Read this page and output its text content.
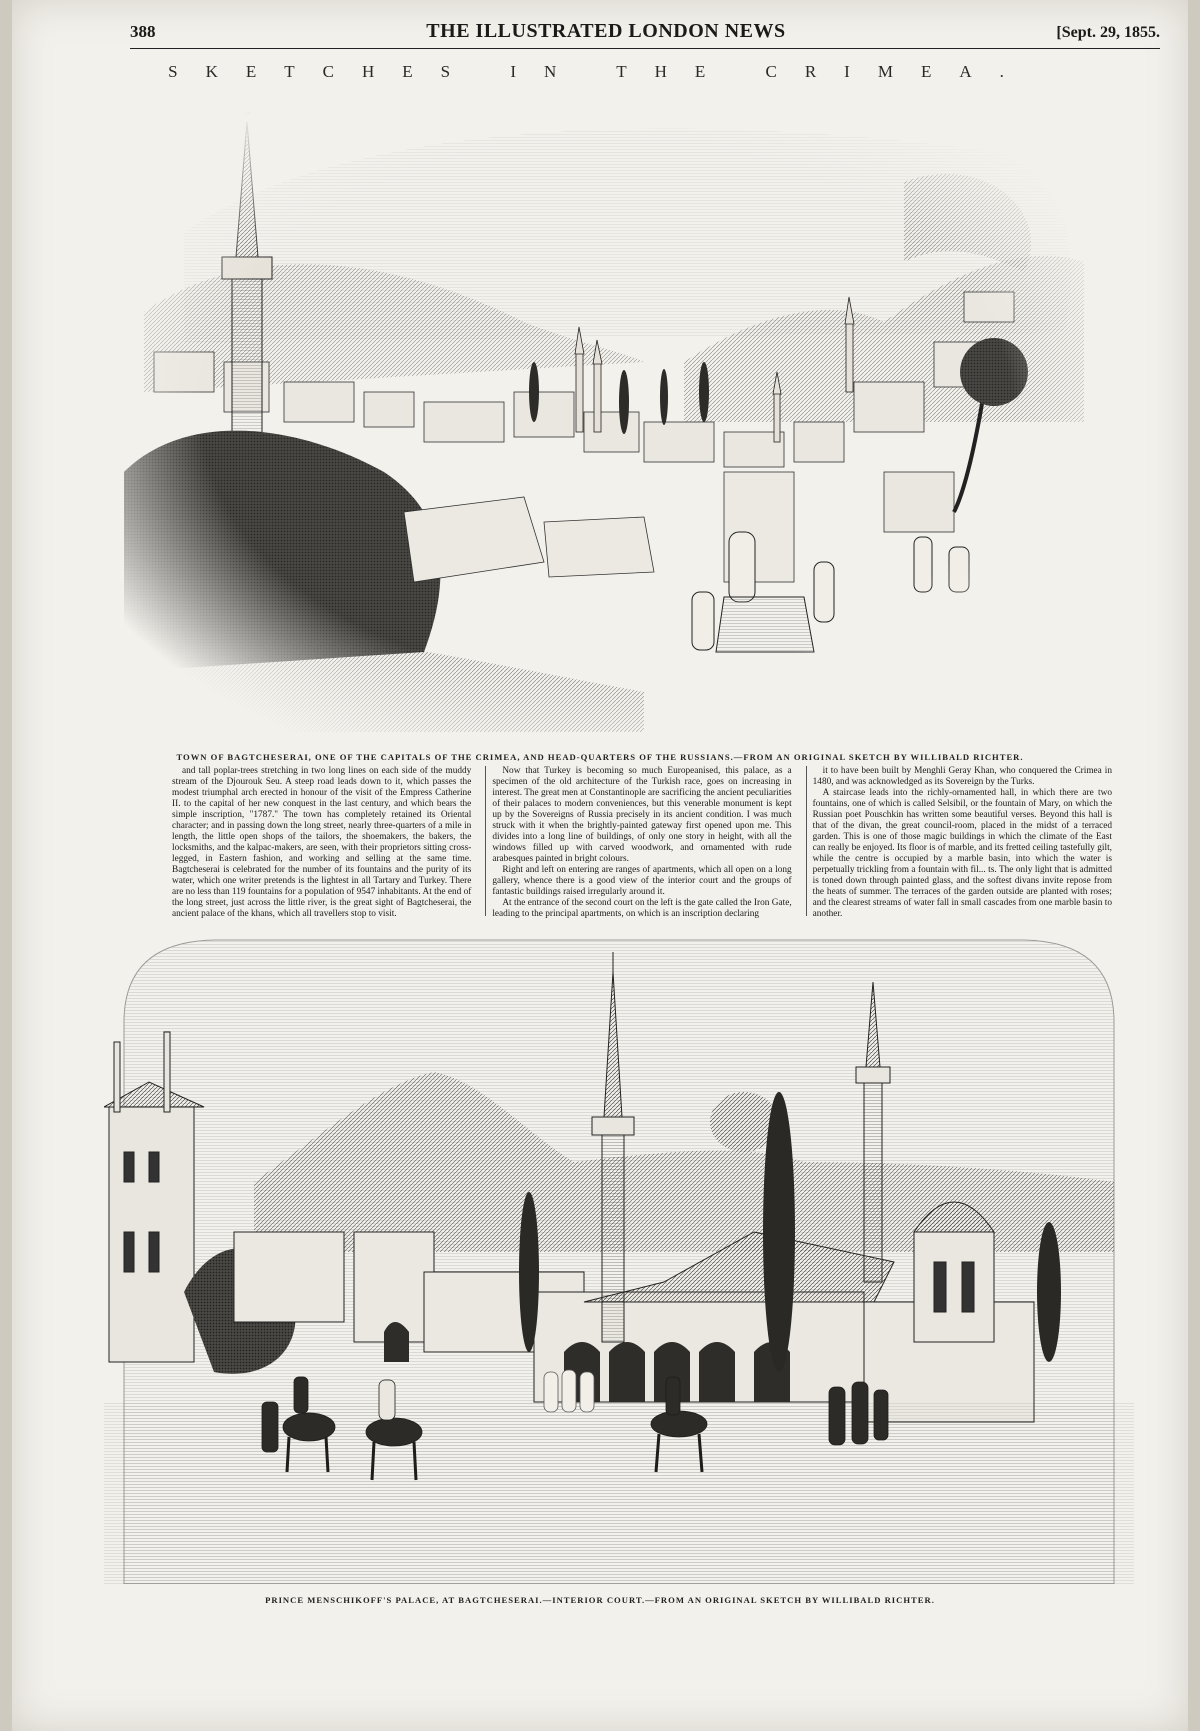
388	THE ILLUSTRATED LONDON NEWS	[Sept. 29, 1855.
SKETCHES IN THE CRIMEA.
TOWN OF BAGTCHESERAI, ONE OF THE CAPITALS OF THE CRIMEA, AND HEAD-QUARTERS OF THE RUSSIANS.—FROM AN ORIGINAL SKETCH BY WILLIBALD RICHTER.

and tall poplar-trees stretching in two long lines on each side of the muddy stream of the Djourouk Seu. A steep road leads down to it, which passes the modest triumphal arch erected in honour of the visit of the Empress Catherine II. to the capital of her new conquest in the last century, and which bears the simple inscription, "1787." The town has completely retained its Oriental character; and in passing down the long street, nearly three-quarters of a mile in length, the little open shops of the tailors, the shoemakers, the bakers, the locksmiths, and the kalpac-makers, are seen, with their proprietors sitting cross-legged, in Eastern fashion, and working and selling at the same time. Bagtcheserai is celebrated for the number of its fountains and the purity of its water, which one writer pretends is the lightest in all Tartary and Turkey. There are no less than 119 fountains for a population of 9547 inhabitants. At the end of the long street, just across the little river, is the great sight of Bagtcheserai, the ancient palace of the khans, which all travellers stop to visit.

Now that Turkey is becoming so much Europeanised, this palace, as a specimen of the old architecture of the Turkish race, goes on increasing in interest. The great men at Constantinople are sacrificing the ancient peculiarities of their palaces to modern conveniences, but this venerable monument is kept up by the Sovereigns of Russia precisely in its ancient condition. I was much struck with it when the brightly-painted gateway first opened upon me. This divides into a long line of buildings, of only one story in height, with all the windows filled up with carved woodwork, and ornamented with rude arabesques painted in bright colours.

Right and left on entering are ranges of apartments, which all open on a long gallery, whence there is a good view of the interior court and the groups of fantastic buildings raised irregularly around it.

At the entrance of the second court on the left is the gate called the Iron Gate, leading to the principal apartments, on which is an inscription declaring

it to have been built by Menghli Geray Khan, who conquered the Crimea in 1480, and was acknowledged as its Sovereign by the Turks.

A staircase leads into the richly-ornamented hall, in which there are two fountains, one of which is called Selsibil, or the fountain of Mary, on which the Russian poet Pouschkin has written some beautiful verses. Beyond this hall is that of the divan, the great council-room, placed in the midst of a terraced garden. This is one of those magic buildings in which the climate of the East can really be enjoyed. Its floor is of marble, and its fretted ceiling tastefully gilt, while the centre is occupied by a marble basin, into which the water is perpetually trickling from a fountain with fil... ts. The only light that is admitted is toned down through painted glass, and the softest divans invite repose from the heats of summer. The terraces of the garden outside are planted with roses; and the clearest streams of water fall in small cascades from one marble basin to another.

PRINCE MENSCHIKOFF'S PALACE, AT BAGTCHESERAI.—INTERIOR COURT.—FROM AN ORIGINAL SKETCH BY WILLIBALD RICHTER.
